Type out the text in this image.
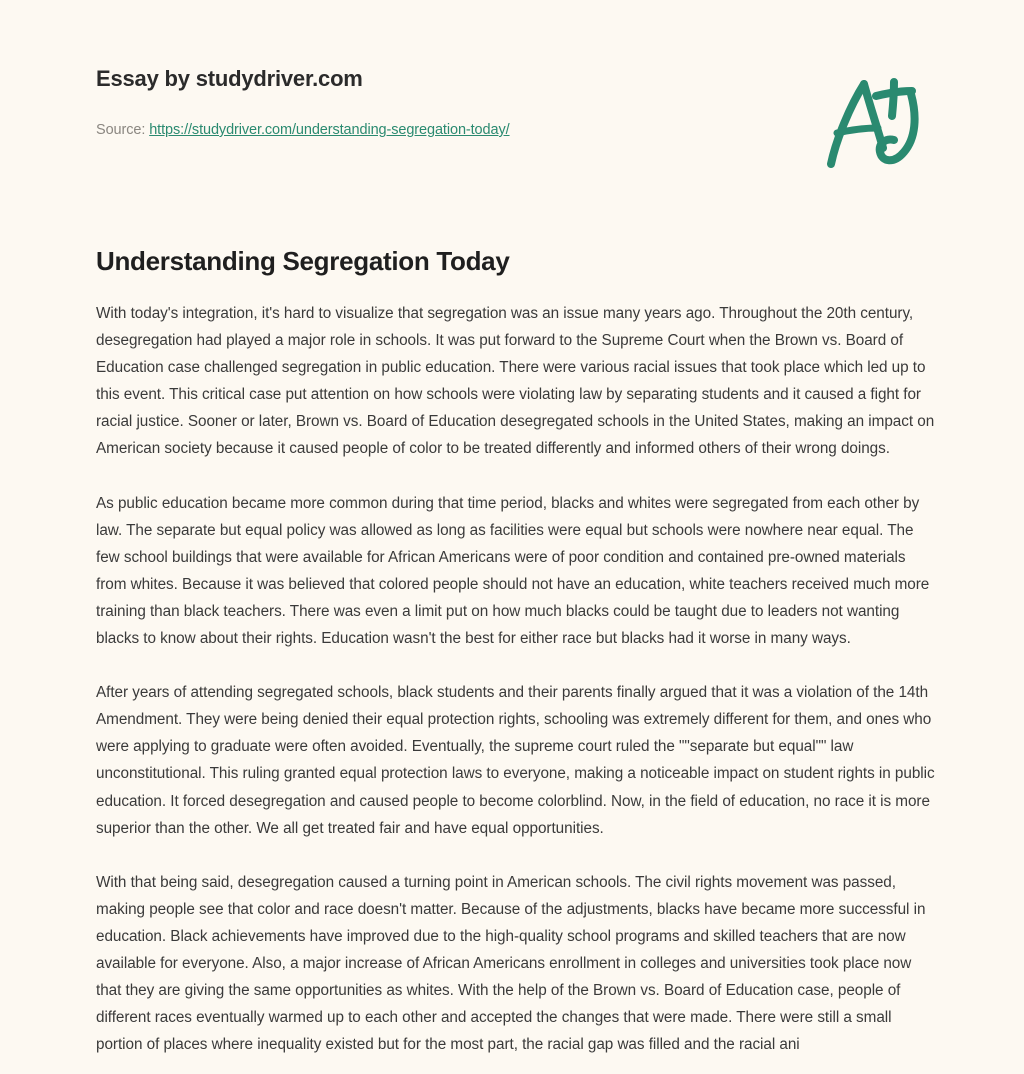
Essay by studydriver.com
Source: https://studydriver.com/understanding-segregation-today/
Understanding Segregation Today

With today's integration, it's hard to visualize that segregation was an issue many years ago. Throughout the 20th century, desegregation had played a major role in schools. It was put forward to the Supreme Court when the Brown vs. Board of Education case challenged segregation in public education. There were various racial issues that took place which led up to this event. This critical case put attention on how schools were violating law by separating students and it caused a fight for racial justice. Sooner or later, Brown vs. Board of Education desegregated schools in the United States, making an impact on American society because it caused people of color to be treated differently and informed others of their wrong doings.

As public education became more common during that time period, blacks and whites were segregated from each other by law. The separate but equal policy was allowed as long as facilities were equal but schools were nowhere near equal. The few school buildings that were available for African Americans were of poor condition and contained pre-owned materials from whites. Because it was believed that colored people should not have an education, white teachers received much more training than black teachers. There was even a limit put on how much blacks could be taught due to leaders not wanting blacks to know about their rights. Education wasn't the best for either race but blacks had it worse in many ways.

After years of attending segregated schools, black students and their parents finally argued that it was a violation of the 14th Amendment. They were being denied their equal protection rights, schooling was extremely different for them, and ones who were applying to graduate were often avoided. Eventually, the supreme court ruled the ""separate but equal"" law unconstitutional. This ruling granted equal protection laws to everyone, making a noticeable impact on student rights in public education. It forced desegregation and caused people to become colorblind. Now, in the field of education, no race it is more superior than the other. We all get treated fair and have equal opportunities.

With that being said, desegregation caused a turning point in American schools. The civil rights movement was passed, making people see that color and race doesn't matter. Because of the adjustments, blacks have became more successful in education. Black achievements have improved due to the high-quality school programs and skilled teachers that are now available for everyone. Also, a major increase of African Americans enrollment in colleges and universities took place now that they are giving the same opportunities as whites. With the help of the Brown vs. Board of Education case, people of different races eventually warmed up to each other and accepted the changes that were made. There were still a small portion of places where inequality existed but for the most part, the racial gap was filled and the racial ani
